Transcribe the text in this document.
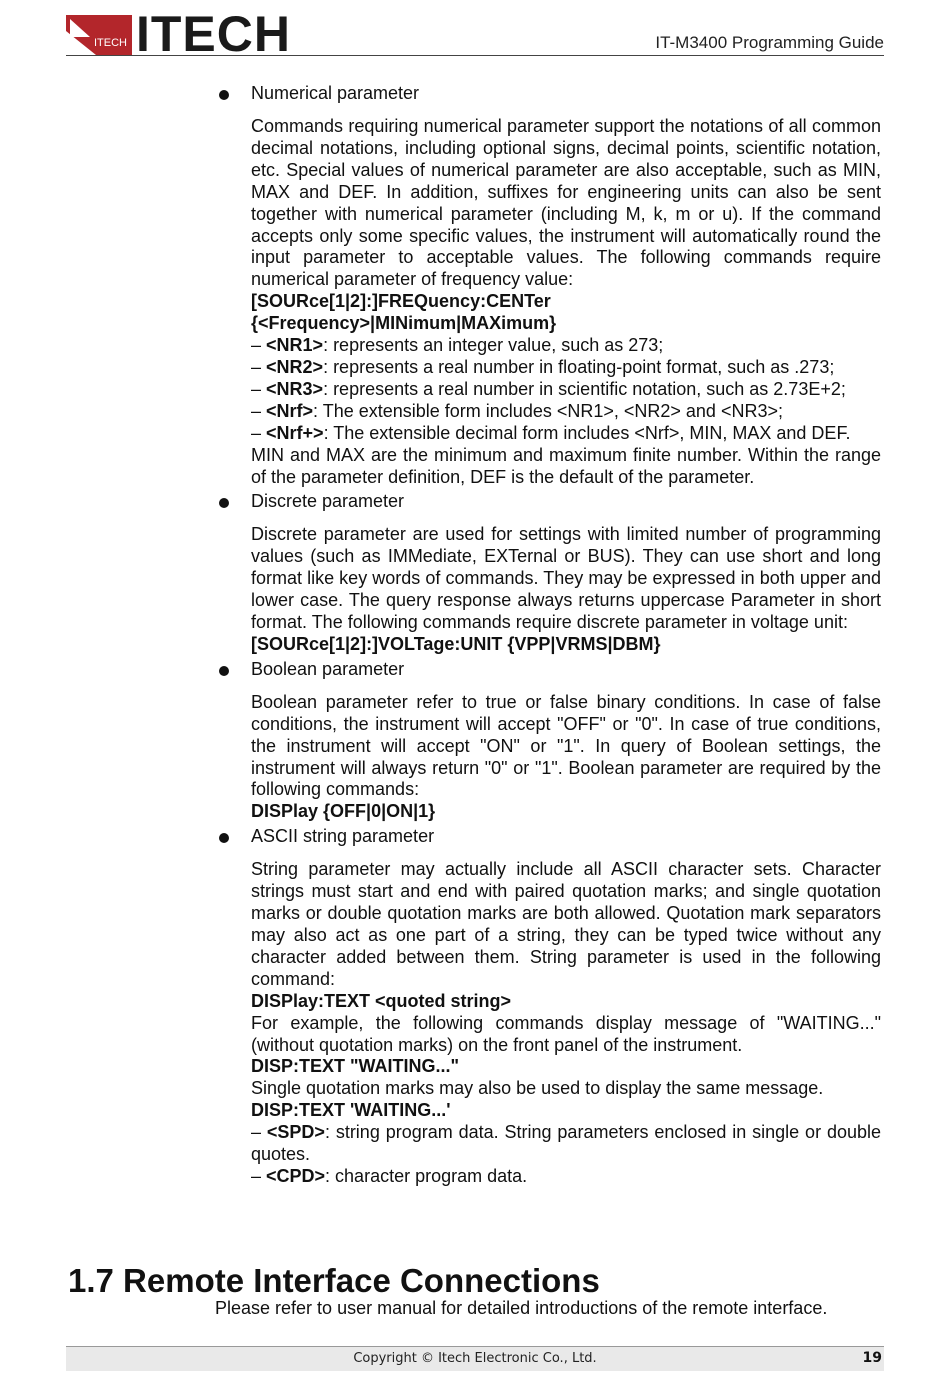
ITECH ITECH	IT-M3400 Programming Guide
Numerical parameter

Commands requiring numerical parameter support the notations of all common decimal notations, including optional signs, decimal points, scientific notation, etc. Special values of numerical parameter are also acceptable, such as MIN, MAX and DEF. In addition, suffixes for engineering units can also be sent together with numerical parameter (including M, k, m or u). If the command accepts only some specific values, the instrument will automatically round the input parameter to acceptable values. The following commands require numerical parameter of frequency value:

[SOURce[1|2]:]FREQuency:CENTer
{<Frequency>|MINimum|MAXimum}
– <NR1>: represents an integer value, such as 273;
– <NR2>: represents a real number in floating-point format, such as .273;
– <NR3>: represents a real number in scientific notation, such as 2.73E+2;
– <Nrf>: The extensible form includes <NR1>, <NR2> and <NR3>;
– <Nrf+>: The extensible decimal form includes <Nrf>, MIN, MAX and DEF.

MIN and MAX are the minimum and maximum finite number. Within the range of the parameter definition, DEF is the default of the parameter.

Discrete parameter

Discrete parameter are used for settings with limited number of programming values (such as IMMediate, EXTernal or BUS). They can use short and long format like key words of commands. They may be expressed in both upper and lower case. The query response always returns uppercase Parameter in short format. The following commands require discrete parameter in voltage unit:

[SOURce[1|2]:]VOLTage:UNIT {VPP|VRMS|DBM}
Boolean parameter

Boolean parameter refer to true or false binary conditions. In case of false conditions, the instrument will accept "OFF" or "0". In case of true conditions, the instrument will accept "ON" or "1". In query of Boolean settings, the instrument will always return "0" or "1". Boolean parameter are required by the following commands:

DISPlay {OFF|0|ON|1}
ASCII string parameter

String parameter may actually include all ASCII character sets. Character strings must start and end with paired quotation marks; and single quotation marks or double quotation marks are both allowed. Quotation mark separators may also act as one part of a string, they can be typed twice without any character added between them. String parameter is used in the following command:

DISPlay:TEXT <quoted string>

For example, the following commands display message of "WAITING..." (without quotation marks) on the front panel of the instrument.

DISP:TEXT "WAITING..."
Single quotation marks may also be used to display the same message.
DISP:TEXT 'WAITING...'

– <SPD>: string program data. String parameters enclosed in single or double quotes.

– <CPD>: character program data.
1.7 Remote Interface Connections
Please refer to user manual for detailed introductions of the remote interface.
Copyright © Itech Electronic Co., Ltd.	19
